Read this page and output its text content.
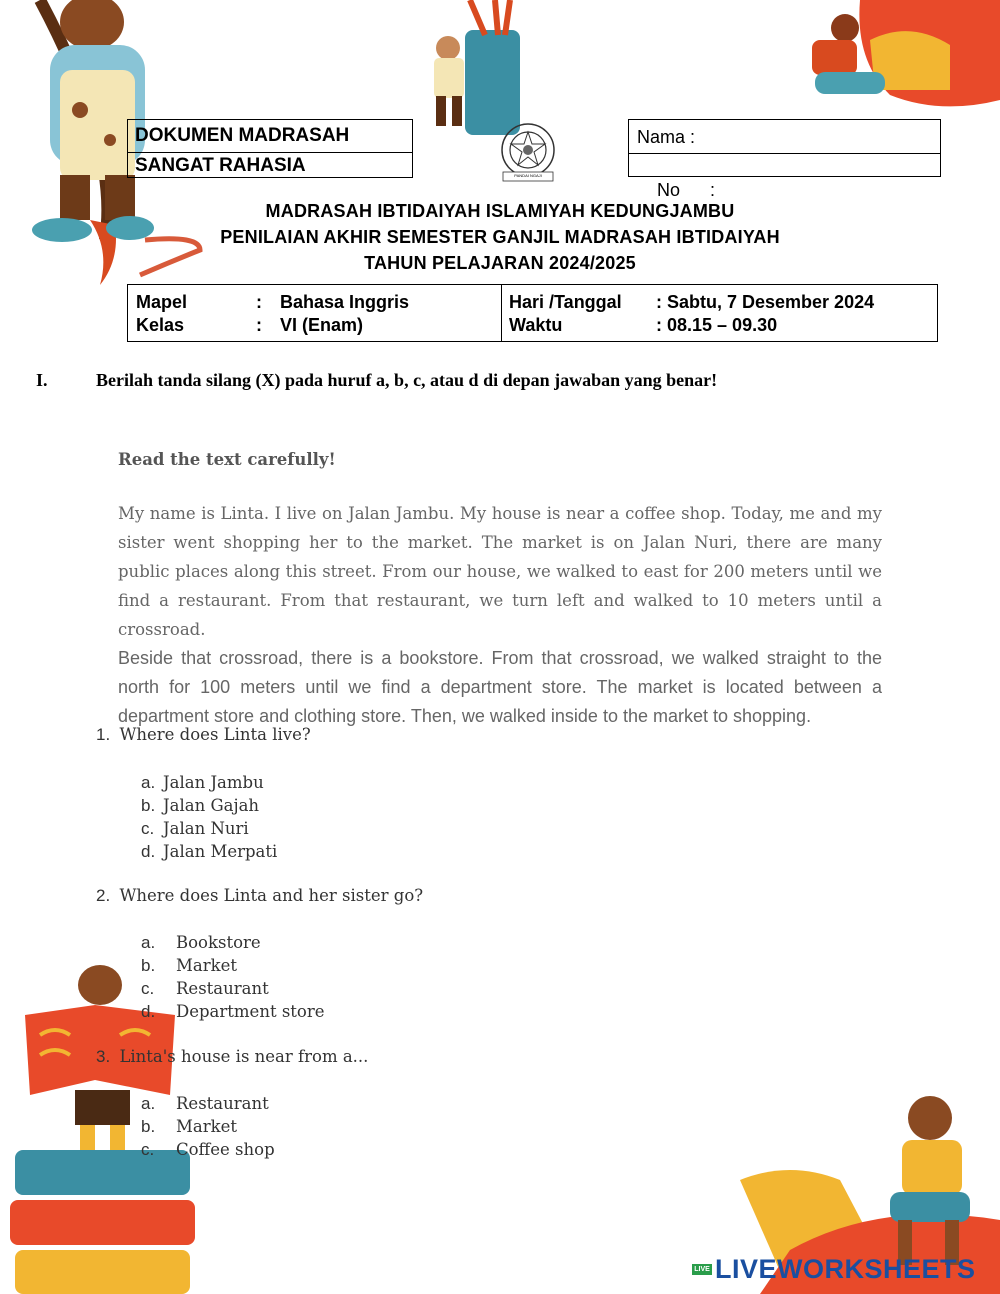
DOKUMEN MADRASAH
SANGAT RAHASIA	PANDAI NGAJI
Nama :

No      :

MADRASAH IBTIDAIYAH ISLAMIYAH KEDUNGJAMBU
PENILAIAN AKHIR SEMESTER GANJIL MADRASAH IBTIDAIYAH
TAHUN PELAJARAN 2024/2025
Mapel	: Bahasa Inggris
Kelas	: VI (Enam)
Hari /Tanggal : Sabtu, 7 Desember 2024
Waktu	: 08.15 – 09.30
I.	Berilah tanda silang (X) pada huruf a, b, c, atau d di depan jawaban yang benar!
Read the text carefully!
My name is Linta. I live on Jalan Jambu. My house is near a coffee shop. Today, me and my sister went shopping her to the market. The market is on Jalan Nuri, there are many public places along this street. From our house, we walked to east for 200 meters until we find a restaurant. From that restaurant, we turn left and walked to 10 meters until a crossroad.
Beside that crossroad, there is a bookstore. From that crossroad, we walked straight to the north for 100 meters until we find a department store. The market is located between a department store and clothing store. Then, we walked inside to the market to shopping.
1. Where does Linta live?
a. Jalan Jambu
b. Jalan Gajah
c. Jalan Nuri
d. Jalan Merpati
2. Where does Linta and her sister go?
a. Bookstore
b. Market
c. Restaurant
d. Department store
3. Linta's house is near from a...
a. Restaurant
b. Market
c. Coffee shop
LIVE LIVEWORKSHEETS
